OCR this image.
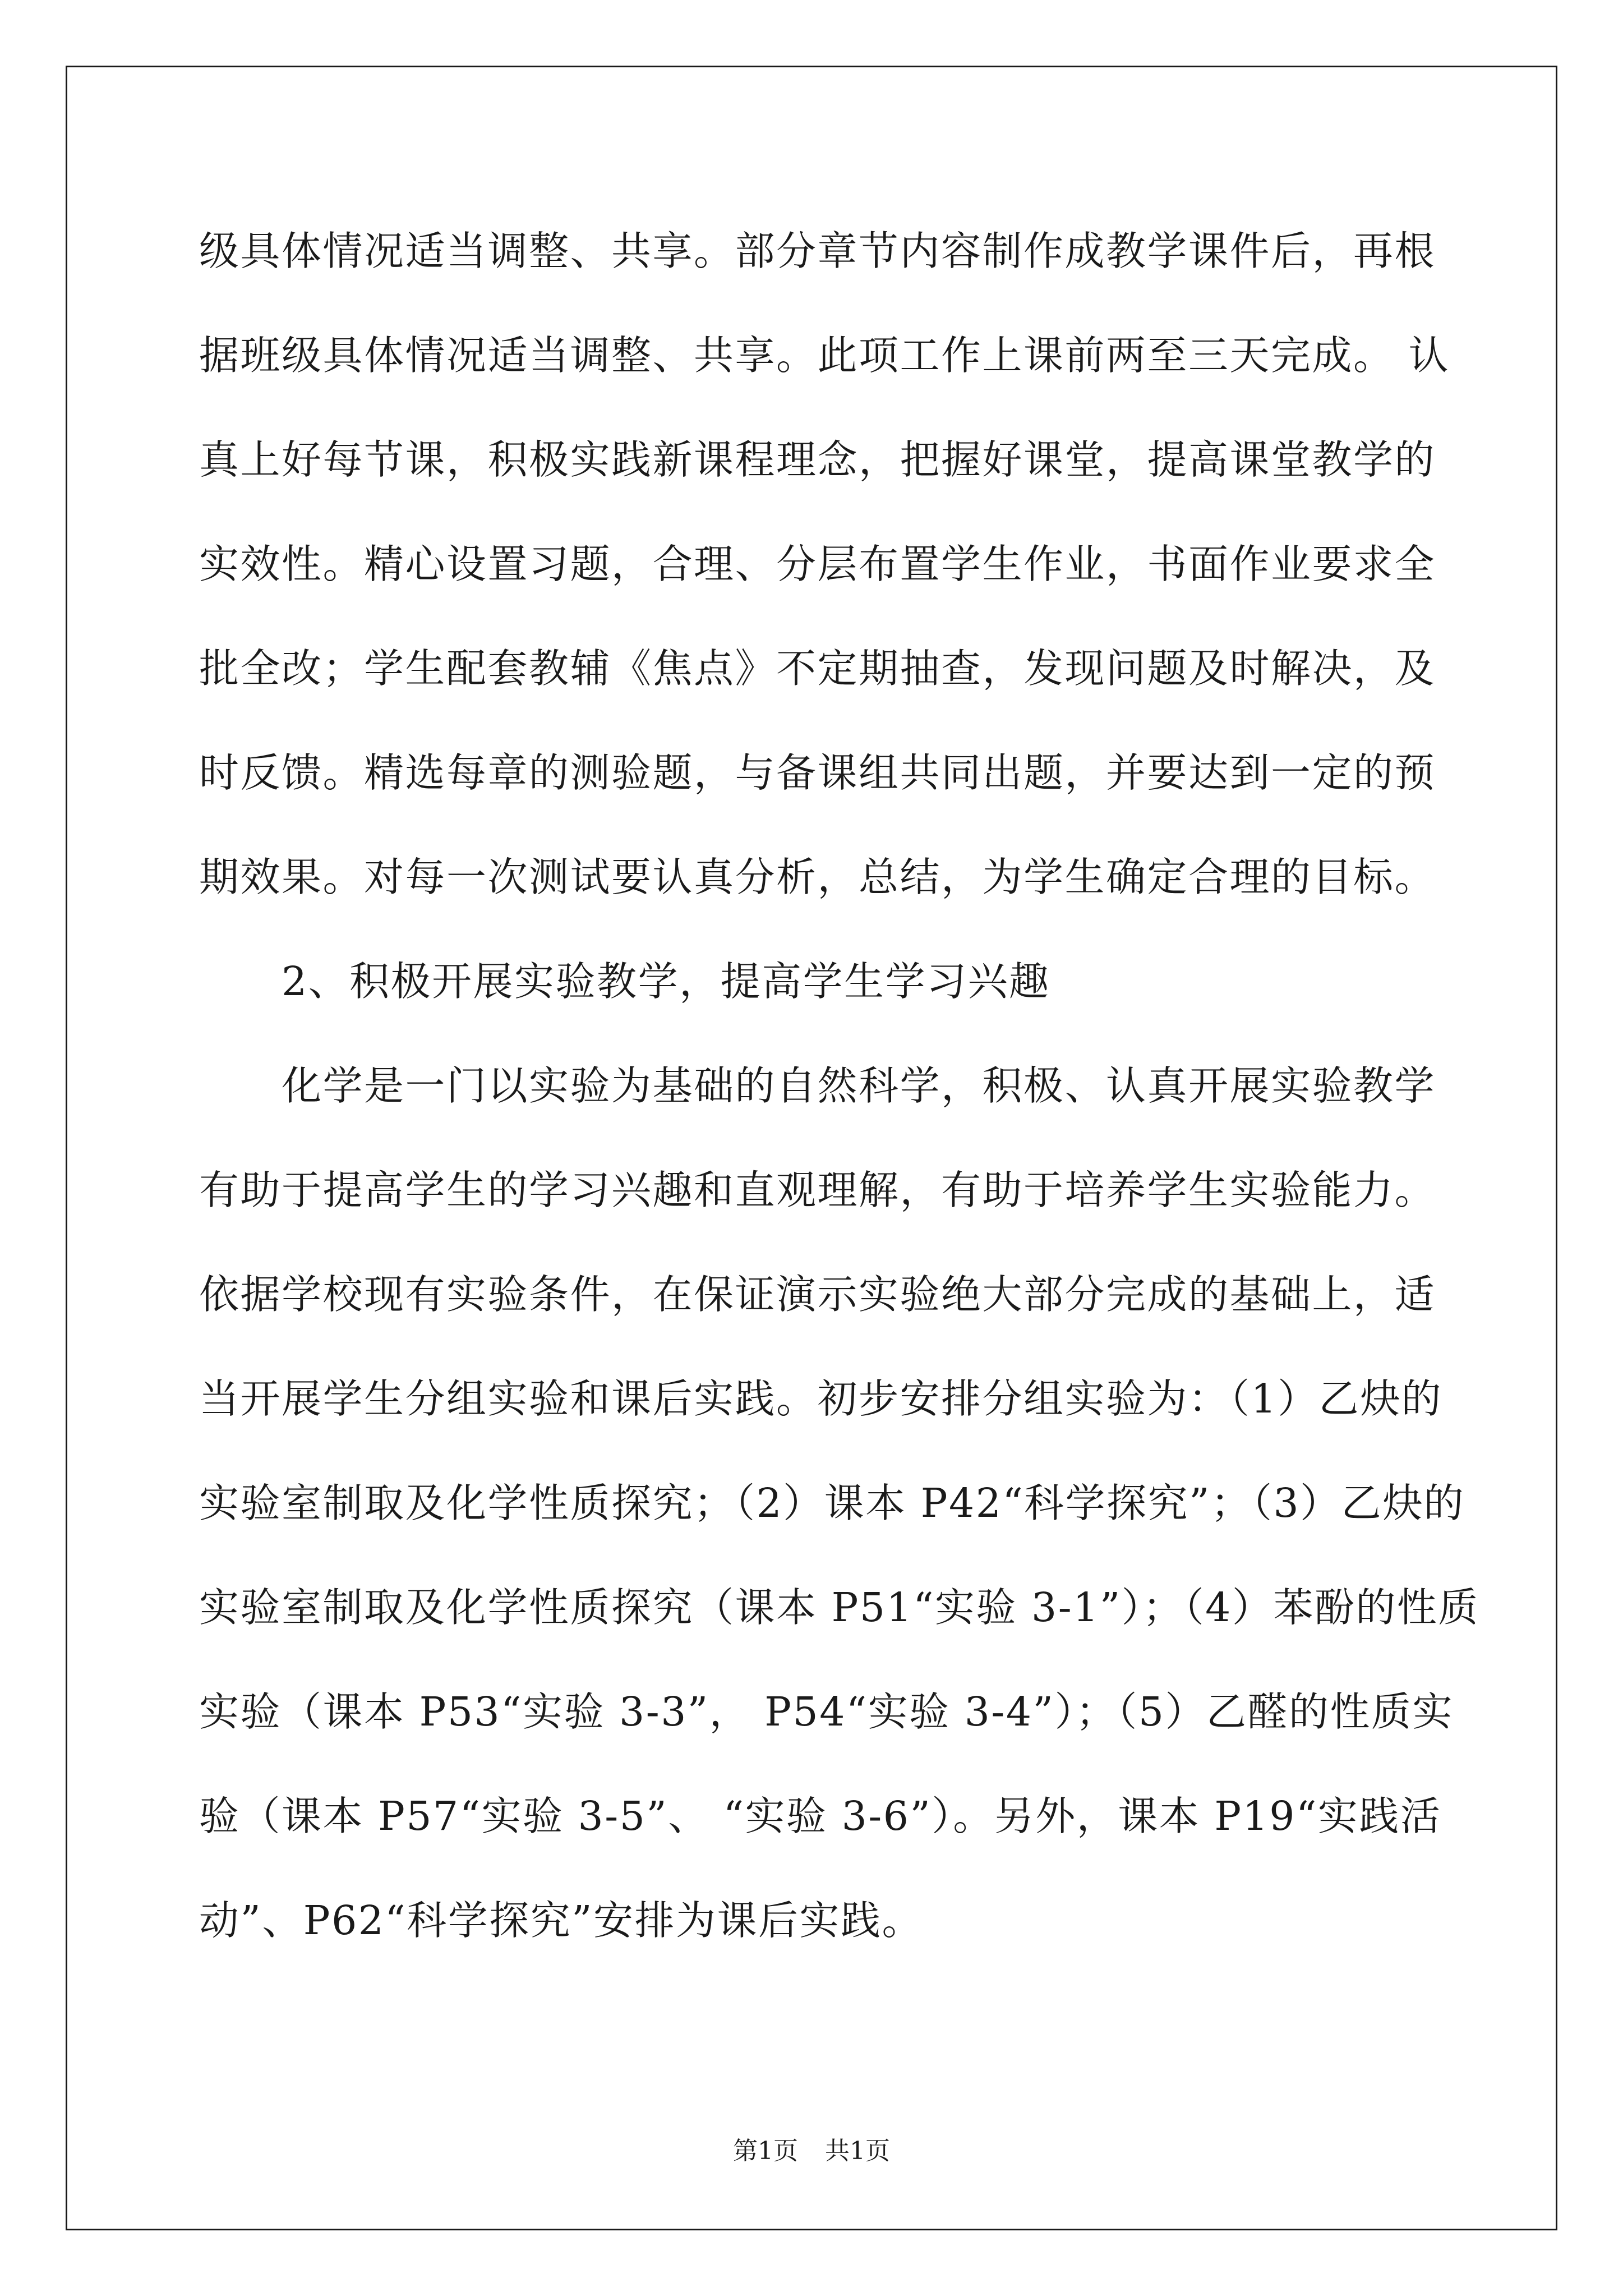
级具体情况适当调整、共享。部分章节内容制作成教学课件后，再根
据班级具体情况适当调整、共享。此项工作上课前两至三天完成。 认
真上好每节课，积极实践新课程理念，把握好课堂，提高课堂教学的
实效性。精心设置习题，合理、分层布置学生作业，书面作业要求全
批全改；学生配套教辅《焦点》不定期抽查，发现问题及时解决，及
时反馈。精选每章的测验题，与备课组共同出题，并要达到一定的预
期效果。对每一次测试要认真分析，总结，为学生确定合理的目标。
2、积极开展实验教学，提高学生学习兴趣
化学是一门以实验为基础的自然科学，积极、认真开展实验教学
有助于提高学生的学习兴趣和直观理解，有助于培养学生实验能力。
依据学校现有实验条件，在保证演示实验绝大部分完成的基础上，适
当开展学生分组实验和课后实践。初步安排分组实验为：（1）乙炔的
实验室制取及化学性质探究；（2）课本 P42“科学探究”；（3）乙炔的
实验室制取及化学性质探究（课本 P51“实验 3-1”）；（4）苯酚的性质
实验（课本 P53“实验 3-3”， P54“实验 3-4”）；（5）乙醛的性质实
验（课本 P57“实验 3-5”、 “实验 3-6”）。另外，课本 P19“实践活
动”、P62“科学探究”安排为课后实践。
第1页 共1页
